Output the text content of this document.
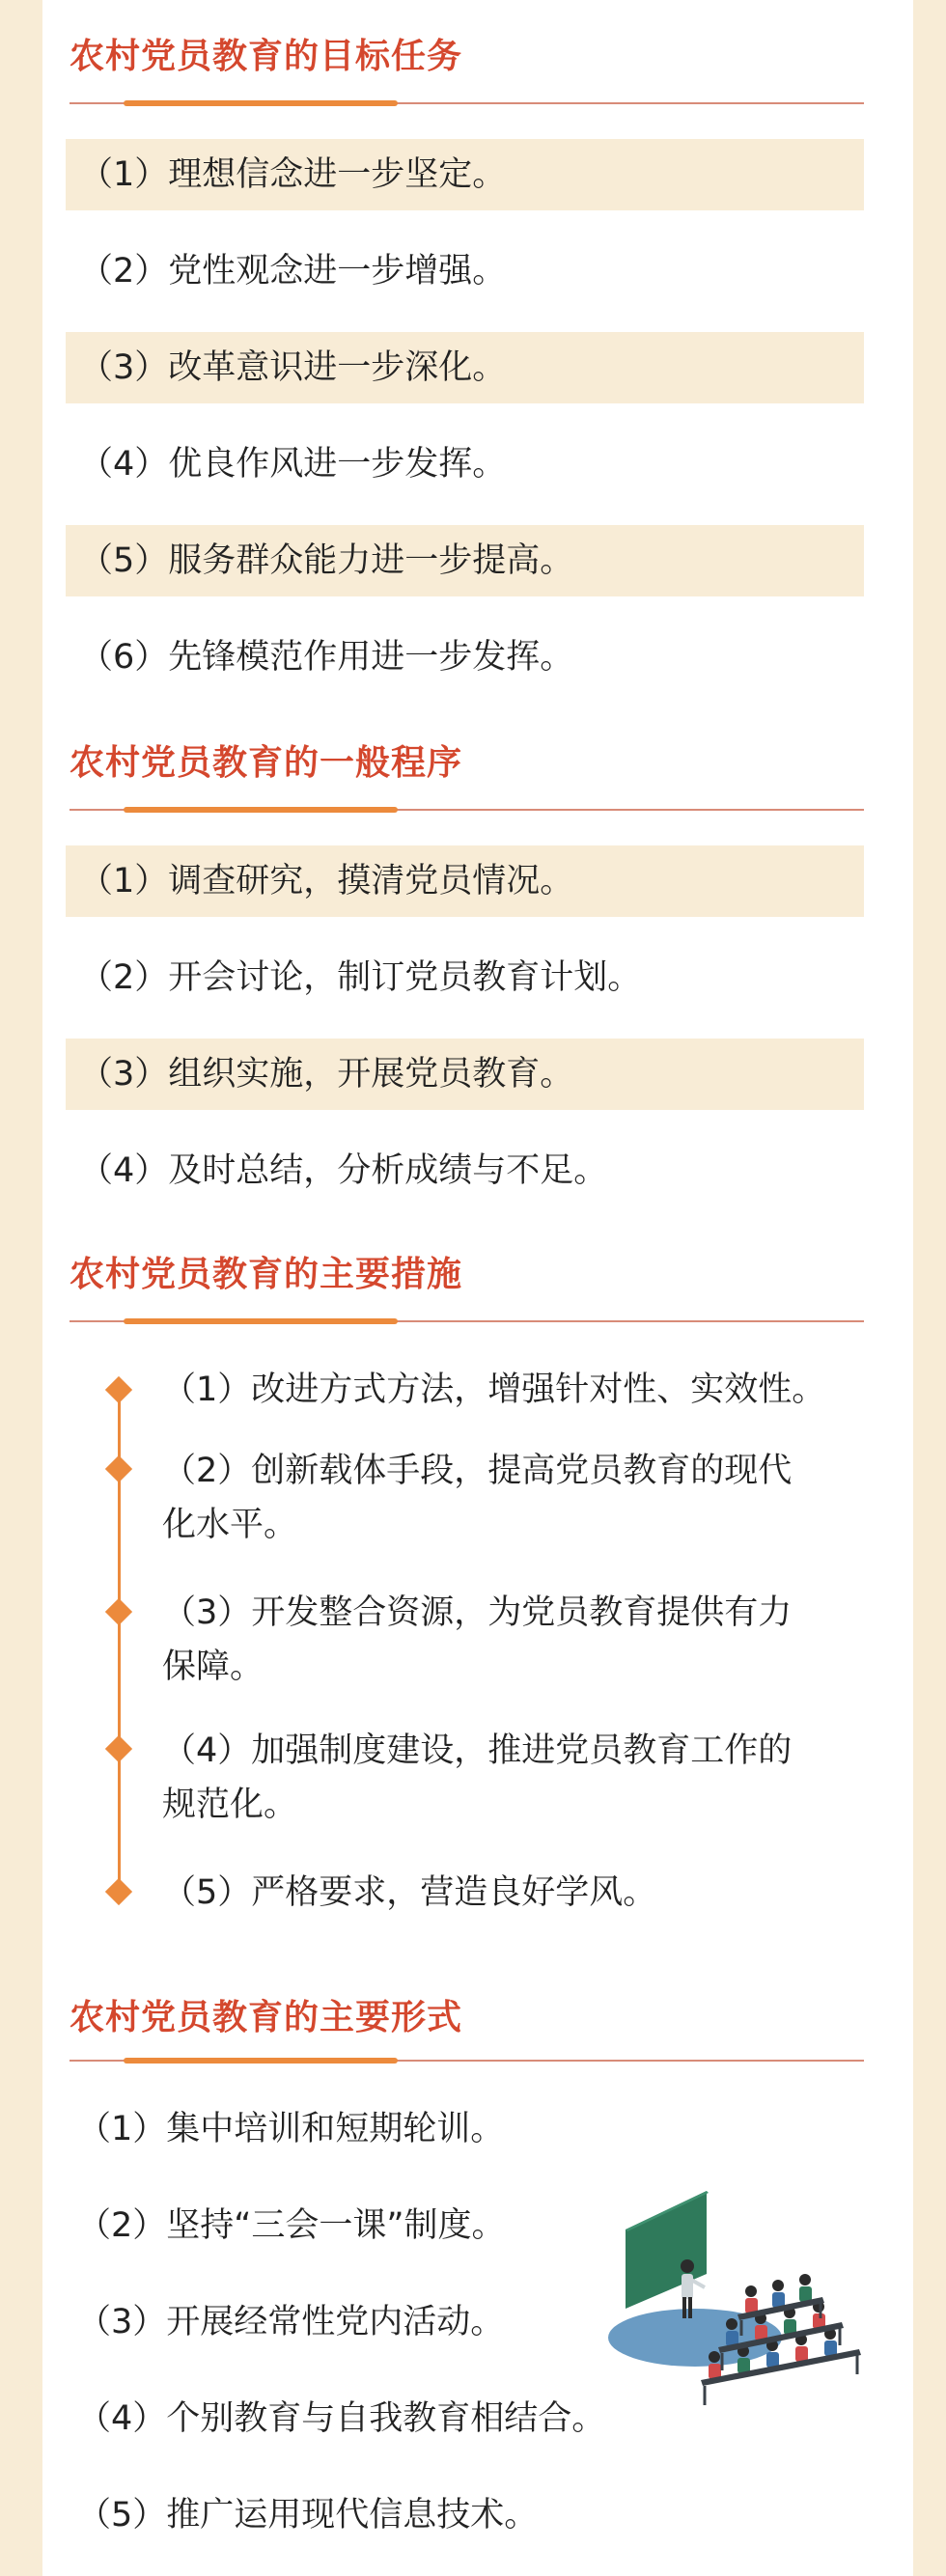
农村党员教育的目标任务
（1）理想信念进一步坚定。
（2）党性观念进一步增强。
（3）改革意识进一步深化。
（4）优良作风进一步发挥。
（5）服务群众能力进一步提高。
（6）先锋模范作用进一步发挥。
农村党员教育的一般程序
（1）调查研究，摸清党员情况。
（2）开会讨论，制订党员教育计划。
（3）组织实施，开展党员教育。
（4）及时总结，分析成绩与不足。
农村党员教育的主要措施
（1）改进方式方法，增强针对性、实效性。
（2）创新载体手段，提高党员教育的现代
化水平。
（3）开发整合资源，为党员教育提供有力
保障。
（4）加强制度建设，推进党员教育工作的
规范化。
（5）严格要求，营造良好学风。
农村党员教育的主要形式
（1）集中培训和短期轮训。
（2）坚持“三会一课”制度。
（3）开展经常性党内活动。
（4）个别教育与自我教育相结合。
（5）推广运用现代信息技术。
